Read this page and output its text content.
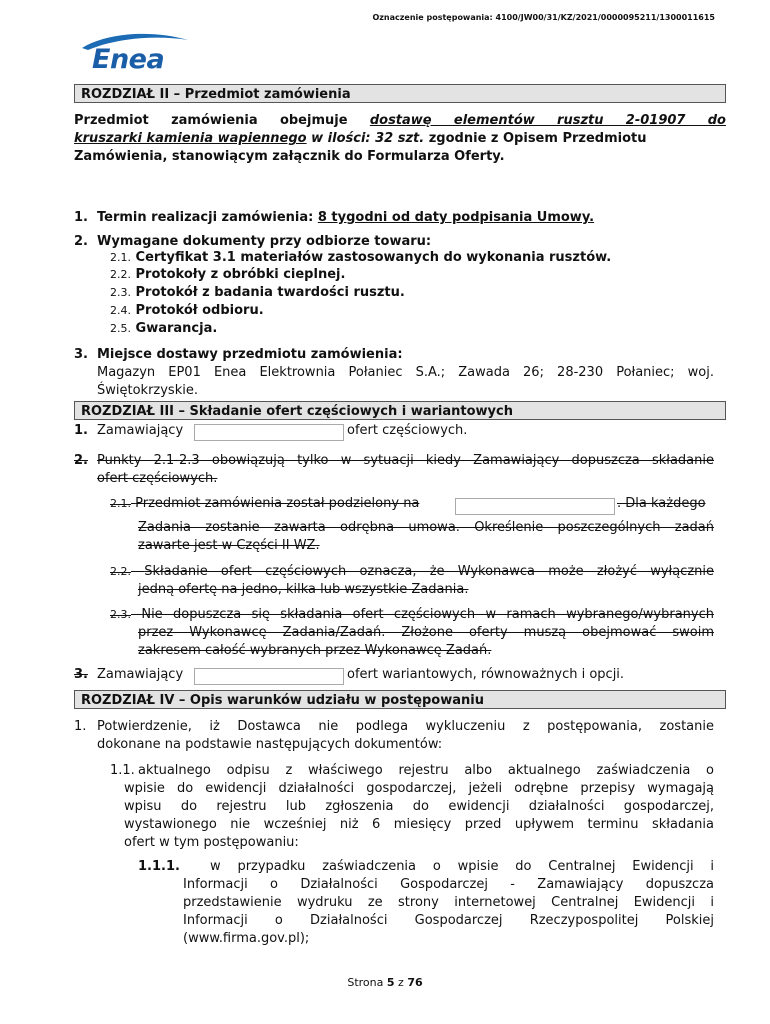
Oznaczenie postępowania: 4100/JW00/31/KZ/2021/0000095211/1300011615
Enea
ROZDZIAŁ II – Przedmiot zamówienia
Przedmiot zamówienia obejmuje dostawę elementów rusztu 2-01907 do
kruszarki kamienia wapiennego w ilości: 32 szt. zgodnie z Opisem Przedmiotu
Zamówienia, stanowiącym załącznik do Formularza Oferty.
1. Termin realizacji zamówienia: 8 tygodni od daty podpisania Umowy.
2. Wymagane dokumenty przy odbiorze towaru:
2.1. Certyfikat 3.1 materiałów zastosowanych do wykonania rusztów.
2.2. Protokoły z obróbki cieplnej.
2.3. Protokół z badania twardości rusztu.
2.4. Protokół odbioru.
2.5. Gwarancja.
3. Miejsce dostawy przedmiotu zamówienia:
Magazyn EP01 Enea Elektrownia Połaniec S.A.; Zawada 26; 28-230 Połaniec; woj.
Świętokrzyskie.
ROZDZIAŁ III – Składanie ofert częściowych i wariantowych
1. Zamawiający	ofert częściowych.
2. Punkty 2.1-2.3 obowiązują tylko w sytuacji kiedy Zamawiający dopuszcza składanie
ofert częściowych.
2.1. Przedmiot zamówienia został podzielony na	. Dla każdego
Zadania zostanie zawarta odrębna umowa. Określenie poszczególnych zadań
zawarte jest w Części II WZ.
2.2. Składanie ofert częściowych oznacza, że Wykonawca może złożyć wyłącznie
jedną ofertę na jedno, kilka lub wszystkie Zadania.
2.3. Nie dopuszcza się składania ofert częściowych w ramach wybranego/wybranych
przez Wykonawcę Zadania/Zadań. Złożone oferty muszą obejmować swoim
zakresem całość wybranych przez Wykonawcę Zadań.
3. Zamawiający	ofert wariantowych, równoważnych i opcji.
ROZDZIAŁ IV – Opis warunków udziału w postępowaniu
1. Potwierdzenie, iż Dostawca nie podlega wykluczeniu z postępowania, zostanie
dokonane na podstawie następujących dokumentów:
1.1. aktualnego odpisu z właściwego rejestru albo aktualnego zaświadczenia o
wpisie do ewidencji działalności gospodarczej, jeżeli odrębne przepisy wymagają
wpisu do rejestru lub zgłoszenia do ewidencji działalności gospodarczej,
wystawionego nie wcześniej niż 6 miesięcy przed upływem terminu składania
ofert w tym postępowaniu:
1.1.1. w przypadku zaświadczenia o wpisie do Centralnej Ewidencji i
Informacji o Działalności Gospodarczej - Zamawiający dopuszcza
przedstawienie wydruku ze strony internetowej Centralnej Ewidencji i
Informacji o Działalności Gospodarczej Rzeczypospolitej Polskiej
(www.firma.gov.pl);
Strona 5 z 76
